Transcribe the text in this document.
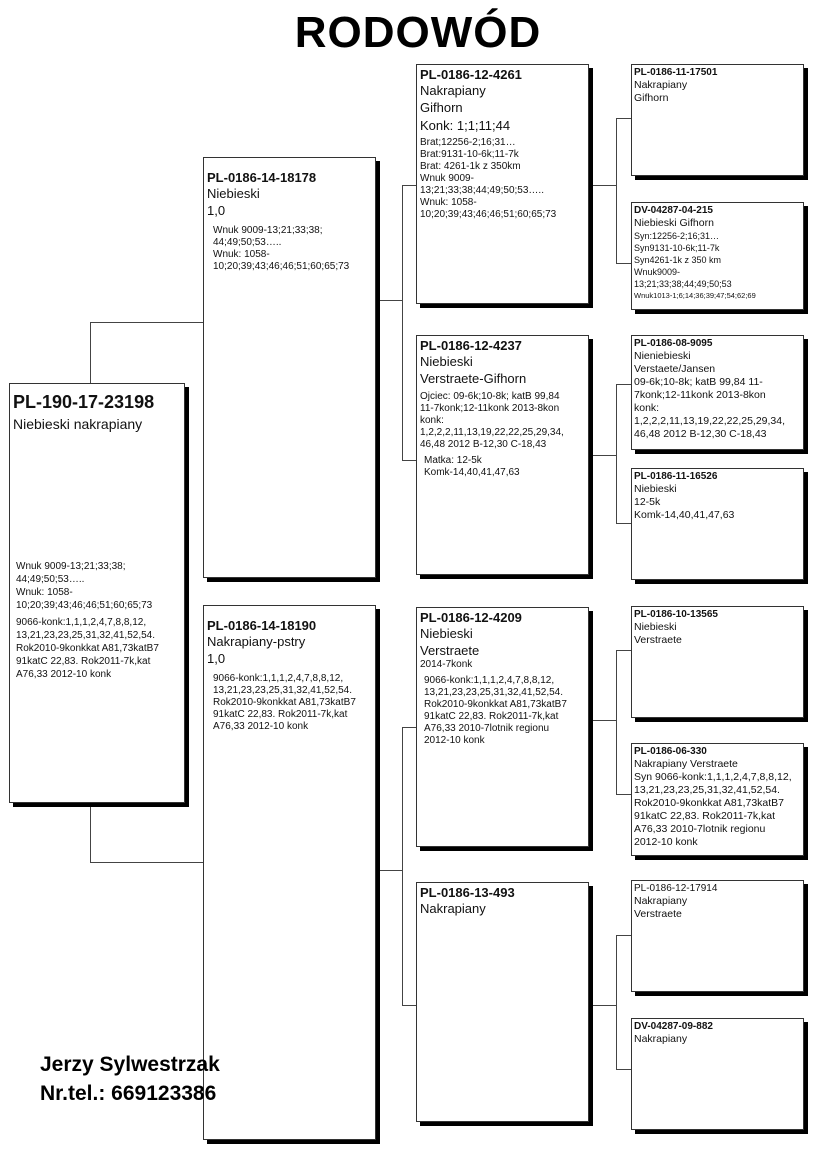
RODOWÓD
PL-190-17-23198
Niebieski nakrapiany
Wnuk 9009-13;21;33;38;
44;49;50;53…..
Wnuk: 1058-
10;20;39;43;46;46;51;60;65;73
9066-konk:1,1,1,2,4,7,8,8,12,
13,21,23,23,25,31,32,41,52,54.
Rok2010-9konkkat A81,73katB7
91katC 22,83. Rok2011-7k,kat
A76,33 2012-10 konk
PL-0186-14-18178
Niebieski
1,0
Wnuk 9009-13;21;33;38;
44;49;50;53…..
Wnuk: 1058-
10;20;39;43;46;46;51;60;65;73
PL-0186-14-18190
Nakrapiany-pstry
1,0
9066-konk:1,1,1,2,4,7,8,8,12,
13,21,23,23,25,31,32,41,52,54.
Rok2010-9konkkat A81,73katB7
91katC 22,83. Rok2011-7k,kat
A76,33 2012-10 konk
PL-0186-12-4261
Nakrapiany
Gifhorn
Konk: 1;1;11;44
Brat;12256-2;16;31…
Brat:9131-10-6k;11-7k
Brat: 4261-1k z 350km
Wnuk 9009-
13;21;33;38;44;49;50;53…..
Wnuk: 1058-
10;20;39;43;46;46;51;60;65;73
PL-0186-12-4237
Niebieski
Verstraete-Gifhorn
Ojciec: 09-6k;10-8k; katB 99,84
11-7konk;12-11konk 2013-8kon
konk:
1,2,2,2,11,13,19,22,22,25,29,34,
46,48 2012 B-12,30 C-18,43
Matka: 12-5k
Komk-14,40,41,47,63
PL-0186-12-4209
Niebieski
Verstraete
2014-7konk
9066-konk:1,1,1,2,4,7,8,8,12,
13,21,23,23,25,31,32,41,52,54.
Rok2010-9konkkat A81,73katB7
91katC 22,83. Rok2011-7k,kat
A76,33 2010-7lotnik regionu
2012-10 konk
PL-0186-13-493
Nakrapiany
PL-0186-11-17501
Nakrapiany
Gifhorn
DV-04287-04-215
Niebieski Gifhorn
Syn:12256-2;16;31…
Syn9131-10-6k;11-7k
Syn4261-1k z 350 km
Wnuk9009-
13;21;33;38;44;49;50;53
Wnuk1013-1;6;14;36;39;47;54;62;69
PL-0186-08-9095
Nieniebieski
Verstaete/Jansen
09-6k;10-8k; katB 99,84 11-
7konk;12-11konk 2013-8kon
konk:
1,2,2,2,11,13,19,22,22,25,29,34,
46,48 2012 B-12,30 C-18,43
PL-0186-11-16526
Niebieski
12-5k
Komk-14,40,41,47,63
PL-0186-10-13565
Niebieski
Verstraete
PL-0186-06-330
Nakrapiany Verstraete
Syn 9066-konk:1,1,1,2,4,7,8,8,12,
13,21,23,23,25,31,32,41,52,54.
Rok2010-9konkkat A81,73katB7
91katC 22,83. Rok2011-7k,kat
A76,33 2010-7lotnik regionu
2012-10 konk
PL-0186-12-17914
Nakrapiany
Verstraete
DV-04287-09-882
Nakrapiany
Jerzy Sylwestrzak
Nr.tel.: 669123386
